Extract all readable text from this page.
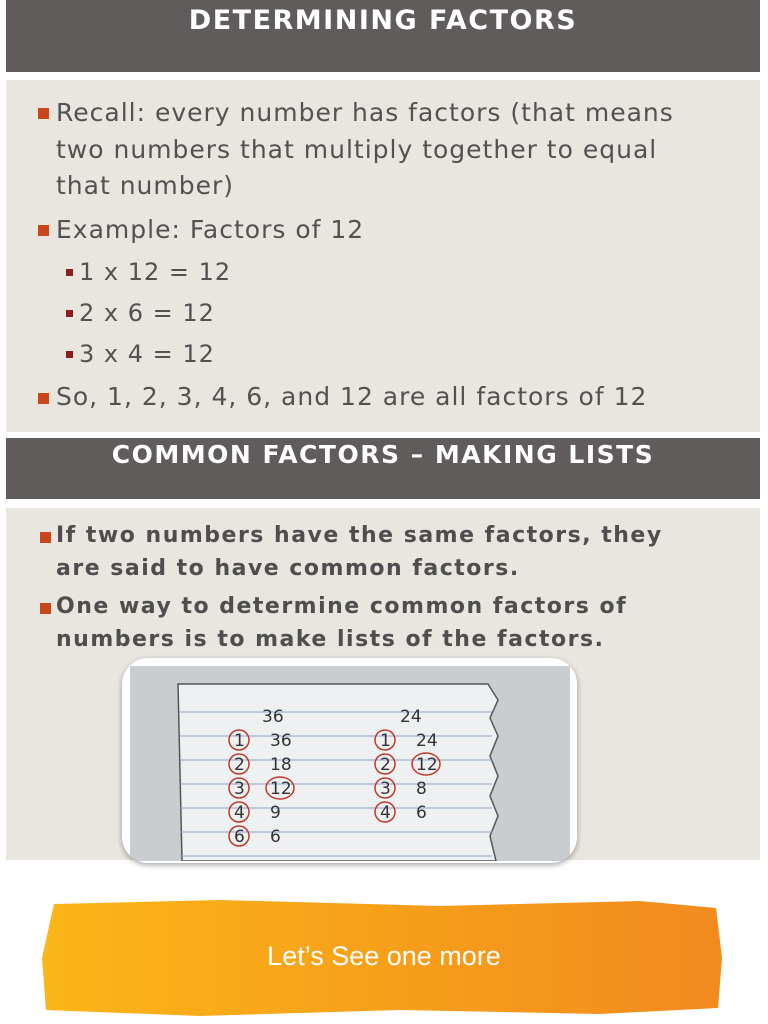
DETERMINING FACTORS
Recall: every number has factors (that means
two numbers that multiply together to equal
that number)
Example: Factors of 12
1 x 12 = 12
2 x 6 = 12
3 x 4 = 12
So, 1, 2, 3, 4, 6, and 12 are all factors of 12
COMMON FACTORS – MAKING LISTS
If two numbers have the same factors, they
are said to have common factors.
One way to determine common factors of
numbers is to make lists of the factors.
36	24
1 36
2 18
3 12
4 9
6 6
1 24
2 12
3 8
4 6
Let’s See one more
